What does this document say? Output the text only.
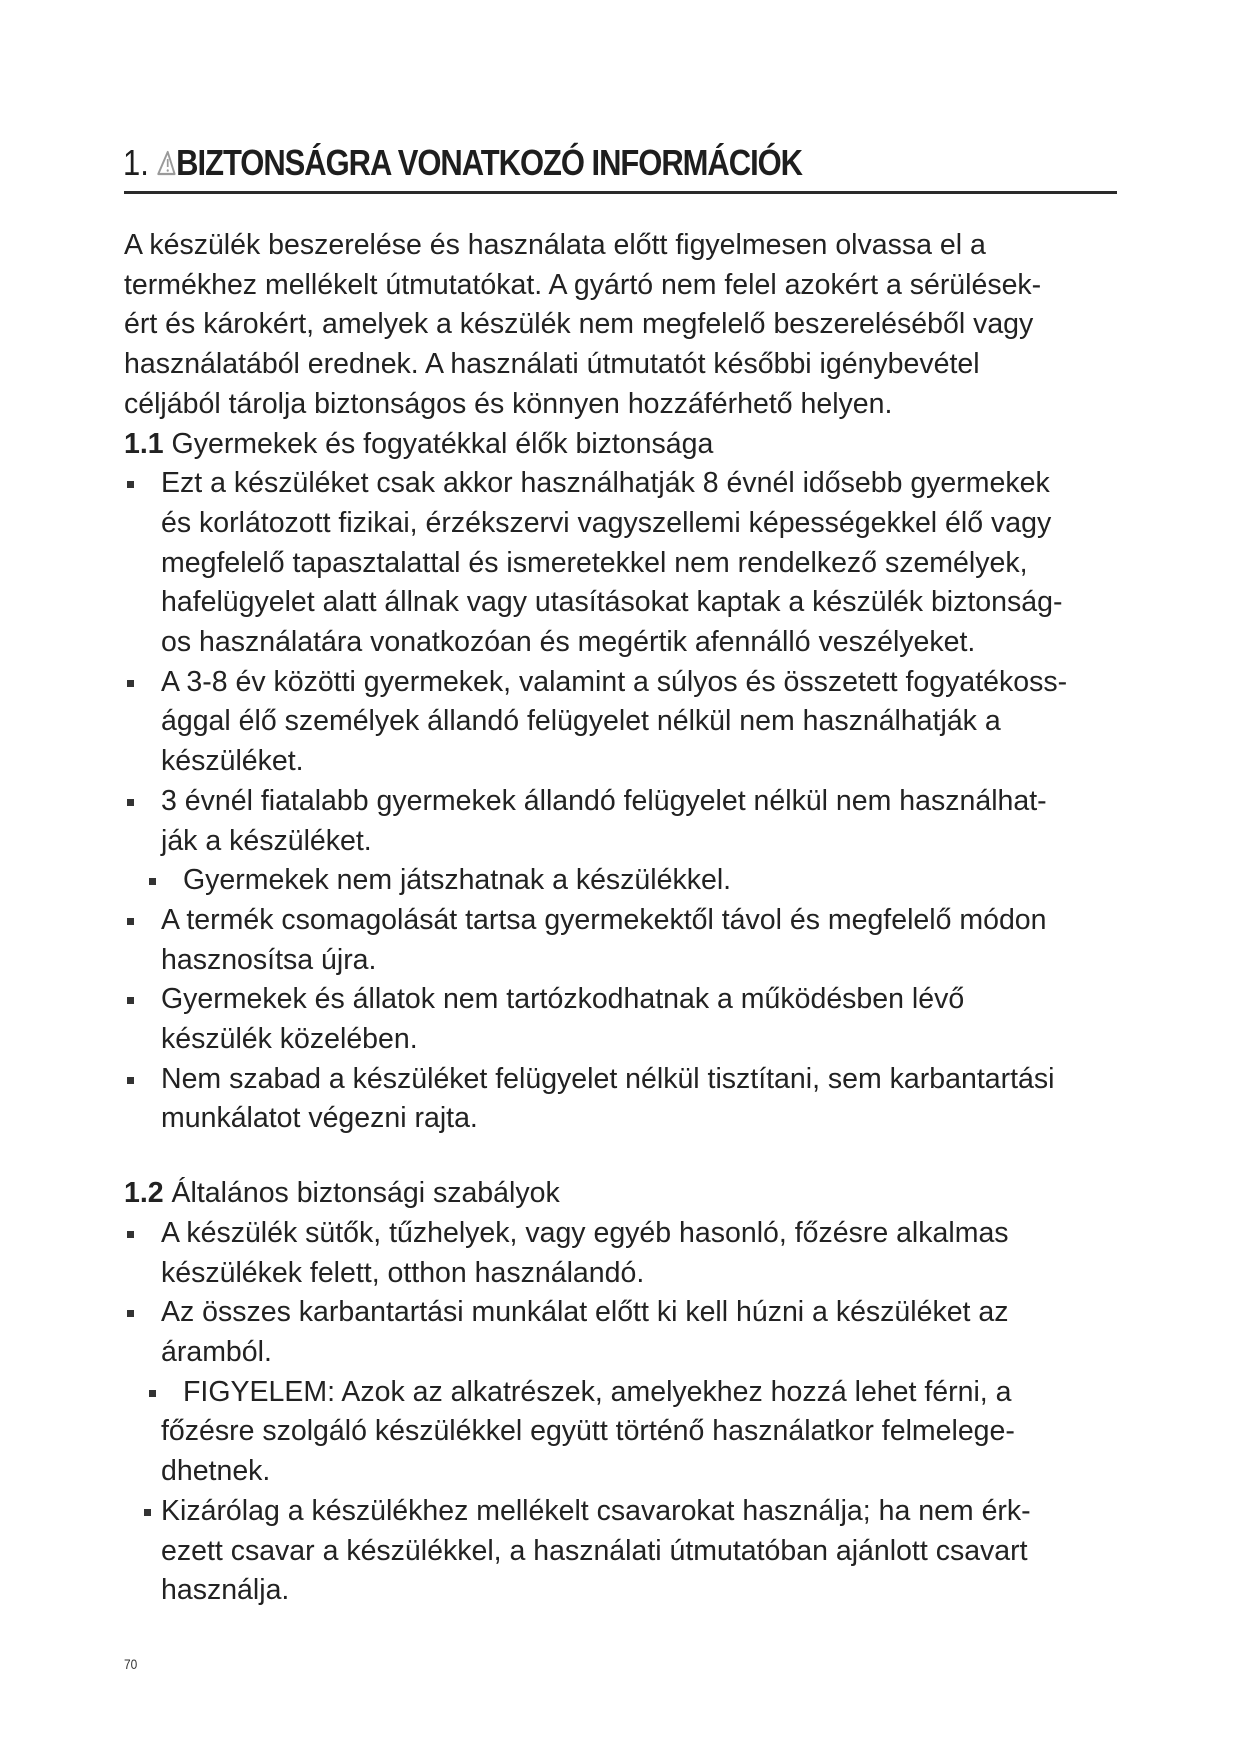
1. BIZTONSÁGRA VONATKOZÓ INFORMÁCIÓK

A készülék beszerelése és használata előtt figyelmesen olvassa el a

termékhez mellékelt útmutatókat. A gyártó nem felel azokért a sérülések-

ért és károkért, amelyek a készülék nem megfelelő beszereléséből vagy

használatából erednek. A használati útmutatót későbbi igénybevétel

céljából tárolja biztonságos és könnyen hozzáférhető helyen.

1.1 Gyermekek és fogyatékkal élők biztonsága

Ezt a készüléket csak akkor használhatják 8 évnél idősebb gyermekek

és korlátozott fizikai, érzékszervi vagyszellemi képességekkel élő vagy

megfelelő tapasztalattal és ismeretekkel nem rendelkező személyek,

hafelügyelet alatt állnak vagy utasításokat kaptak a készülék biztonság-

os használatára vonatkozóan és megértik afennálló veszélyeket.

A 3-8 év közötti gyermekek, valamint a súlyos és összetett fogyatékoss-

ággal élő személyek állandó felügyelet nélkül nem használhatják a

készüléket.

3 évnél fiatalabb gyermekek állandó felügyelet nélkül nem használhat-

ják a készüléket.

Gyermekek nem játszhatnak a készülékkel.

A termék csomagolását tartsa gyermekektől távol és megfelelő módon

hasznosítsa újra.

Gyermekek és állatok nem tartózkodhatnak a működésben lévő

készülék közelében.

Nem szabad a készüléket felügyelet nélkül tisztítani, sem karbantartási

munkálatot végezni rajta.

1.2 Általános biztonsági szabályok

A készülék sütők, tűzhelyek, vagy egyéb hasonló, főzésre alkalmas

készülékek felett, otthon használandó.

Az összes karbantartási munkálat előtt ki kell húzni a készüléket az

áramból.

FIGYELEM: Azok az alkatrészek, amelyekhez hozzá lehet férni, a

főzésre szolgáló készülékkel együtt történő használatkor felmelege-

dhetnek.

Kizárólag a készülékhez mellékelt csavarokat használja; ha nem érk-

ezett csavar a készülékkel, a használati útmutatóban ajánlott csavart

használja.

70
